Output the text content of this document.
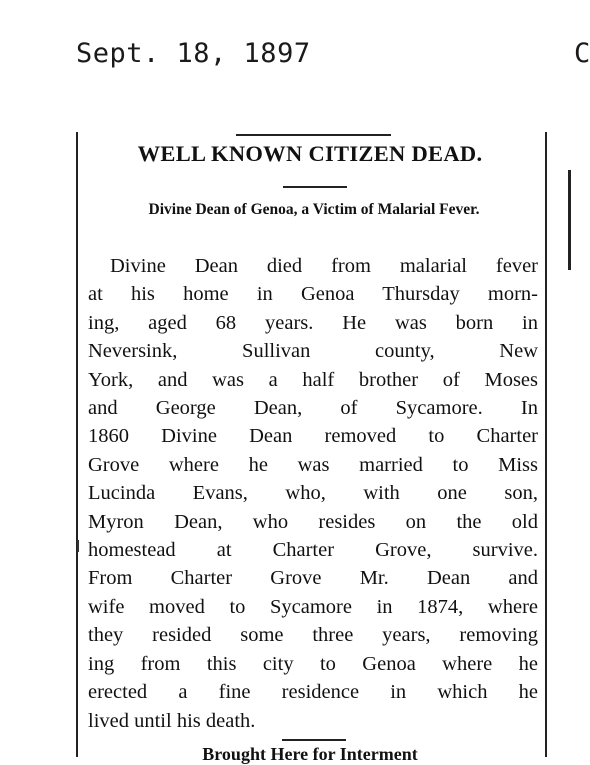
Sept. 18, 1897	C
WELL KNOWN CITIZEN DEAD.
Divine Dean of Genoa, a Victim of Malarial Fever.
Divine Dean died from malarial fever
at his home in Genoa Thursday morn-
ing, aged 68 years. He was born in
Neversink, Sullivan county, New
York, and was a half brother of Moses
and George Dean, of Sycamore. In
1860 Divine Dean removed to Charter
Grove where he was married to Miss
Lucinda Evans, who, with one son,
Myron Dean, who resides on the old
homestead at Charter Grove, survive.
From Charter Grove Mr. Dean and
wife moved to Sycamore in 1874, where
they resided some three years, removing
ing from this city to Genoa where he
erected a fine residence in which he
lived until his death.
Brought Here for Interment
